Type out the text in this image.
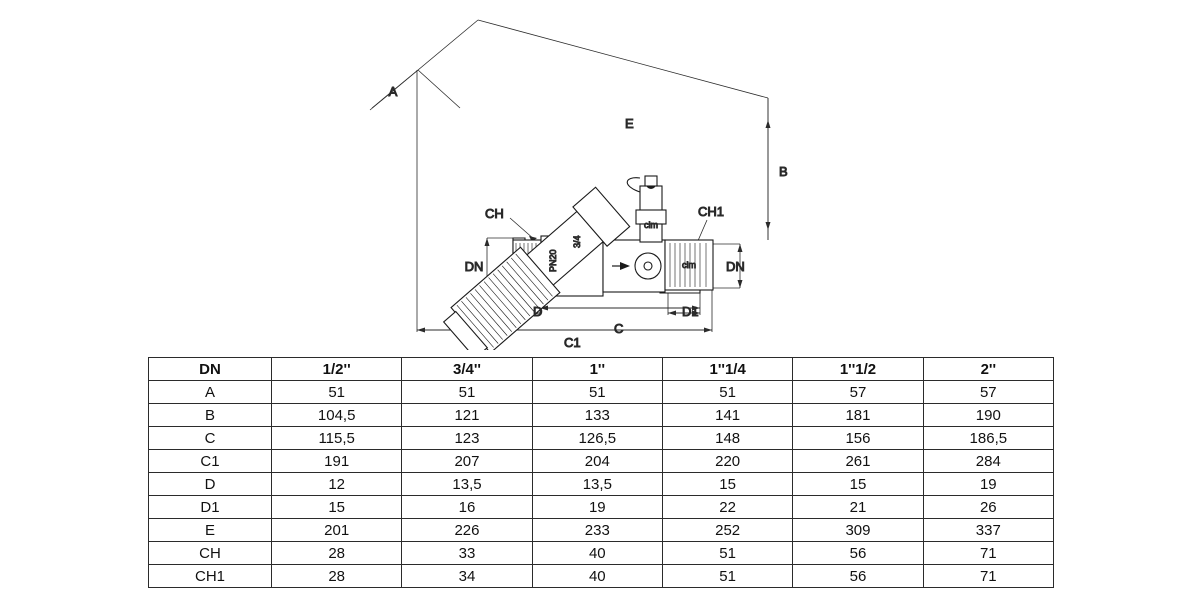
PN20
3/4
cim
cim
A
B
C
C1
D	D1
E
CH	CH1
DN	DN
DN	1/2''	3/4''	1''	1''1/4	1''1/2	2''
A	51	51	51	51	57	57
B	104,5	121	133	141	181	190
C	115,5	123	126,5	148	156	186,5
C1	191	207	204	220	261	284
D	12	13,5	13,5	15	15	19
D1	15	16	19	22	21	26
E	201	226	233	252	309	337
CH	28	33	40	51	56	71
CH1	28	34	40	51	56	71
